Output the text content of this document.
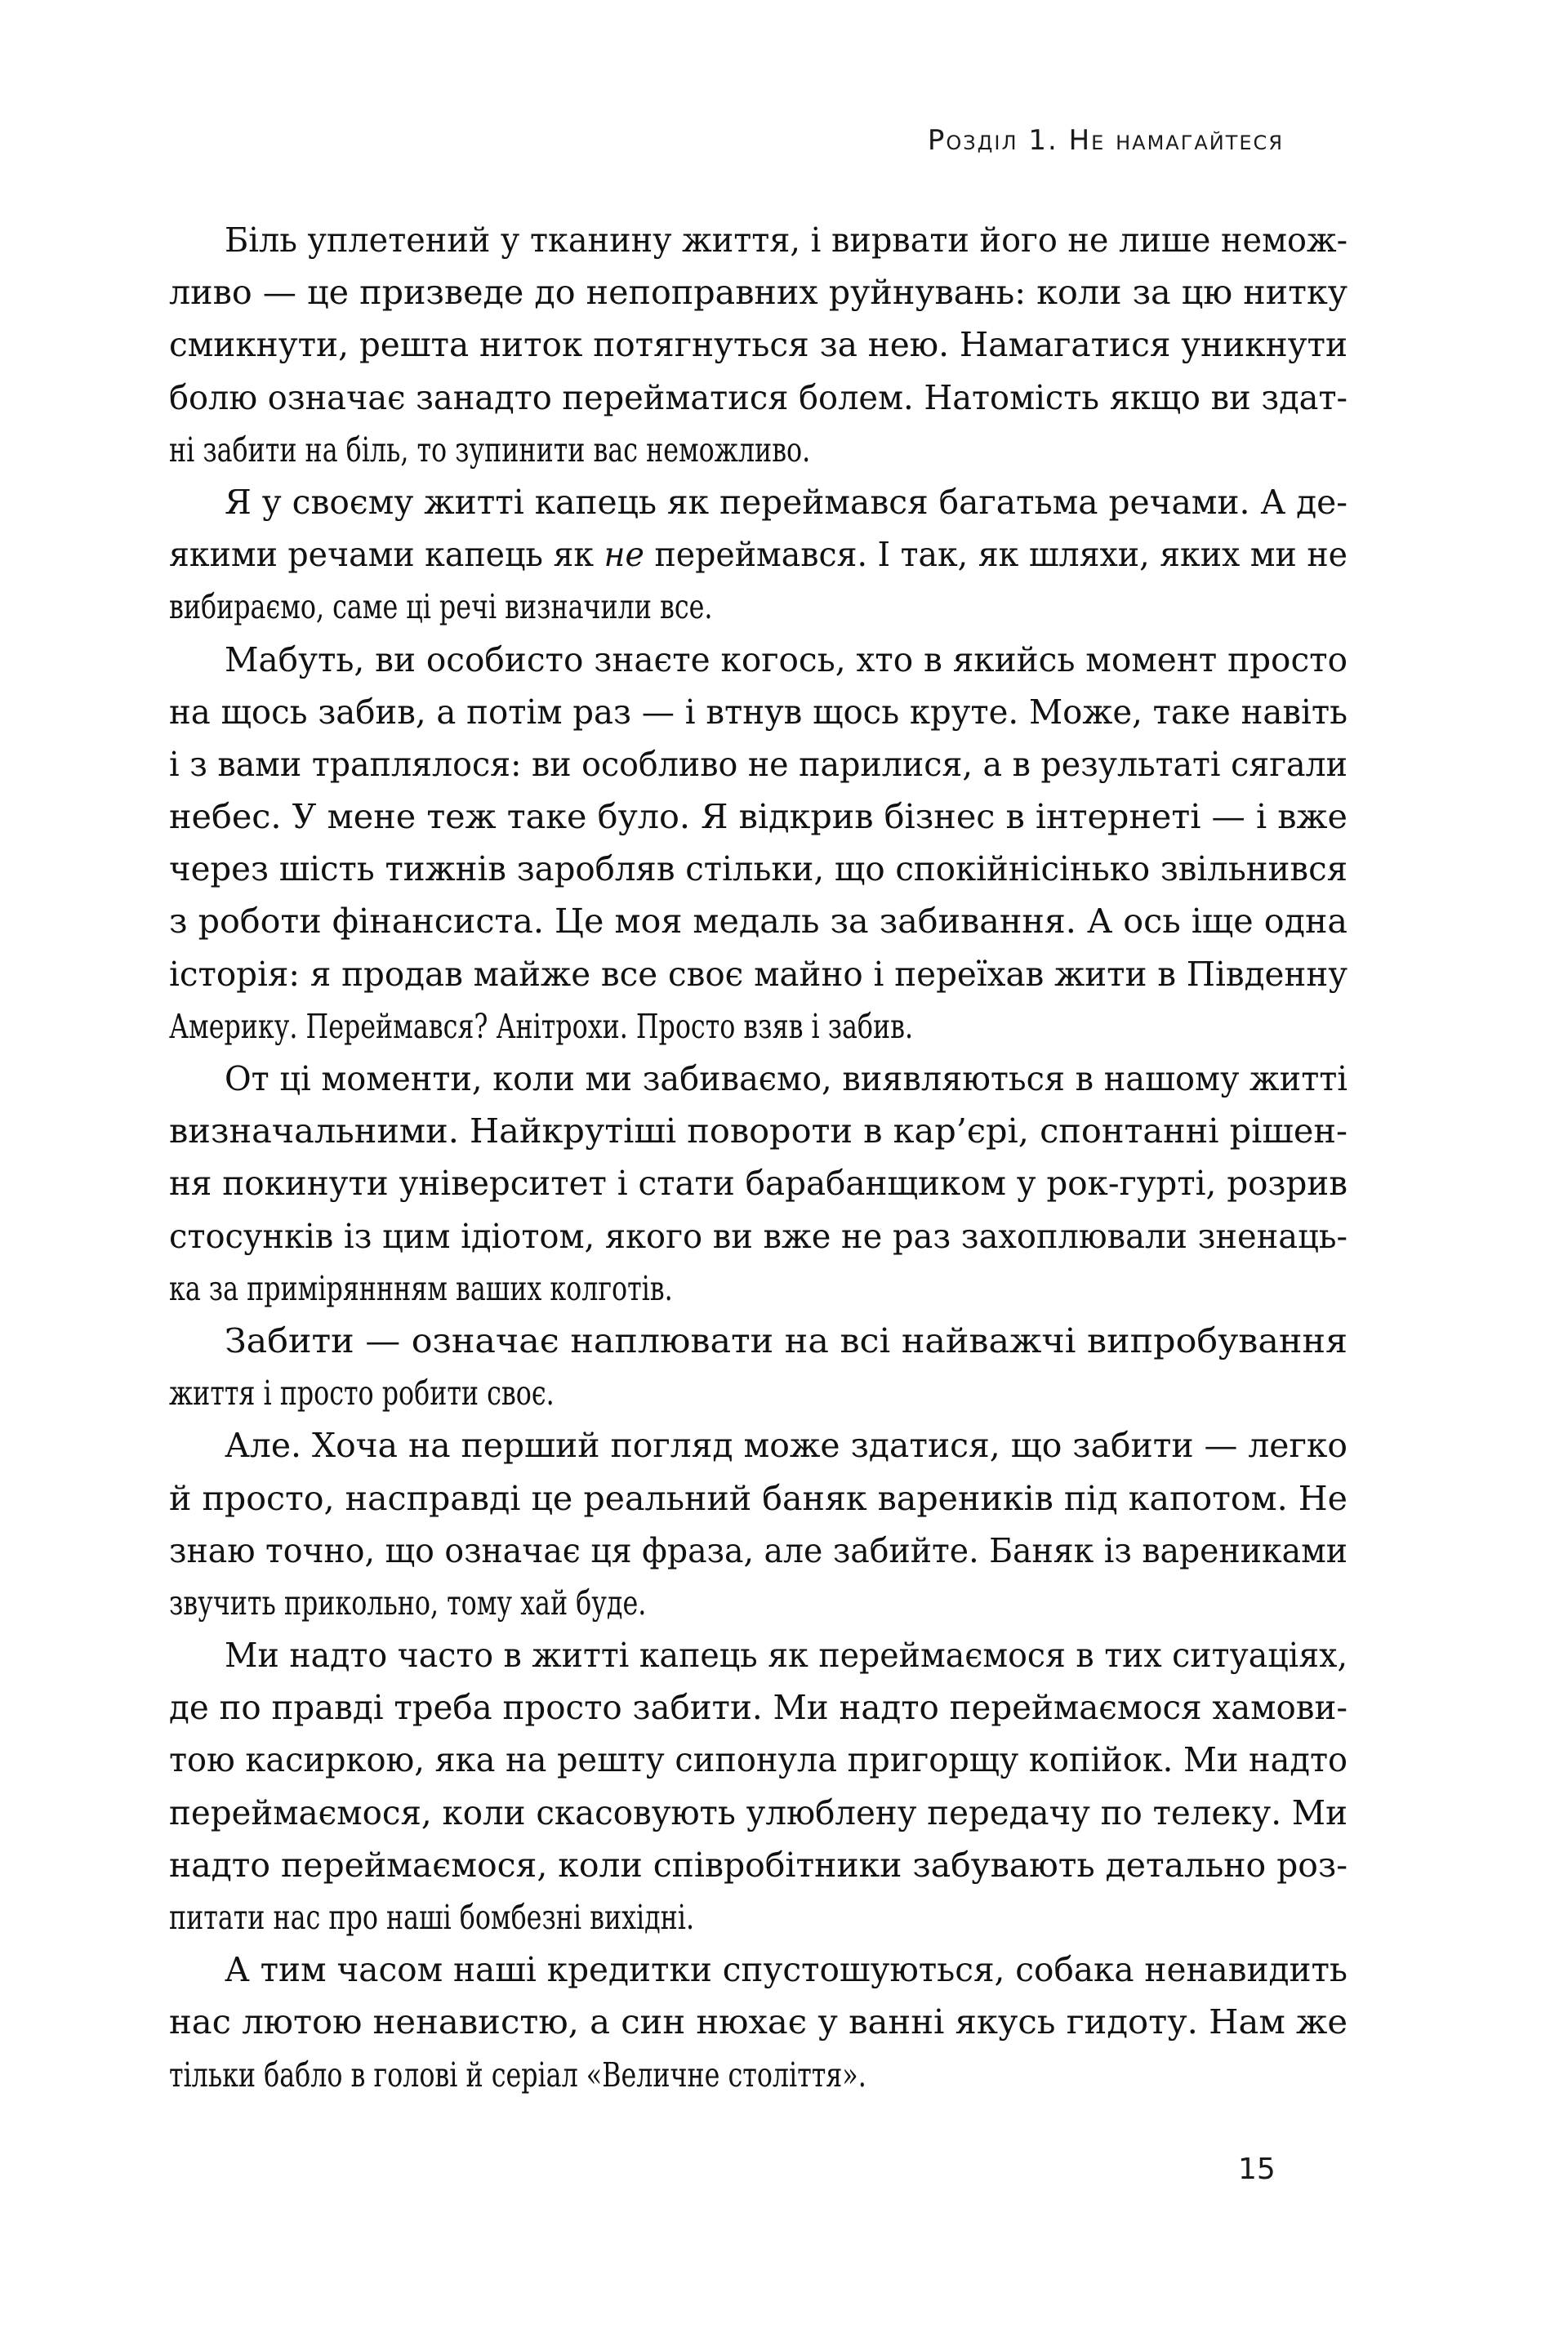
Розділ 1. Не намагайтеся
Біль уплетений у тканину життя, і вирвати його не лише немож-
ливо — це призведе до непоправних руйнувань: коли за цю нитку
смикнути, решта ниток потягнуться за нею. Намагатися уникнути
болю означає занадто перейматися болем. Натомість якщо ви здат-
ні забити на біль, то зупинити вас неможливо.
Я у своєму житті капець як переймався багатьма речами. А де-
якими речами капець як не переймався. І так, як шляхи, яких ми не
вибираємо, саме ці речі визначили все.
Мабуть, ви особисто знаєте когось, хто в якийсь момент просто
на щось забив, а потім раз — і втнув щось круте. Може, таке навіть
і з вами траплялося: ви особливо не парилися, а в результаті сягали
небес. У мене теж таке було. Я відкрив бізнес в інтернеті — і вже
через шість тижнів заробляв стільки, що спокійнісінько звільнився
з роботи фінансиста. Це моя медаль за забивання. А ось іще одна
історія: я продав майже все своє майно і переїхав жити в Південну
Америку. Переймався? Анітрохи. Просто взяв і забив.
От ці моменти, коли ми забиваємо, виявляються в нашому житті
визначальними. Найкрутіші повороти в кар’єрі, спонтанні рішен-
ня покинути університет і стати барабанщиком у рок-гурті, розрив
стосунків із цим ідіотом, якого ви вже не раз захоплювали зненаць-
ка за приміряннням ваших колготів.
Забити — означає наплювати на всі найважчі випробування
життя і просто робити своє.
Але. Хоча на перший погляд може здатися, що забити — легко
й просто, насправді це реальний баняк вареників під капотом. Не
знаю точно, що означає ця фраза, але забийте. Баняк із варениками
звучить прикольно, тому хай буде.
Ми надто часто в житті капець як переймаємося в тих ситуаціях,
де по правді треба просто забити. Ми надто переймаємося хамови-
тою касиркою, яка на решту сипонула пригорщу копійок. Ми надто
переймаємося, коли скасовують улюблену передачу по телеку. Ми
надто переймаємося, коли співробітники забувають детально роз-
питати нас про наші бомбезні вихідні.
А тим часом наші кредитки спустошуються, собака ненавидить
нас лютою ненавистю, а син нюхає у ванні якусь гидоту. Нам же
тільки бабло в голові й серіал «Величне століття».
15
